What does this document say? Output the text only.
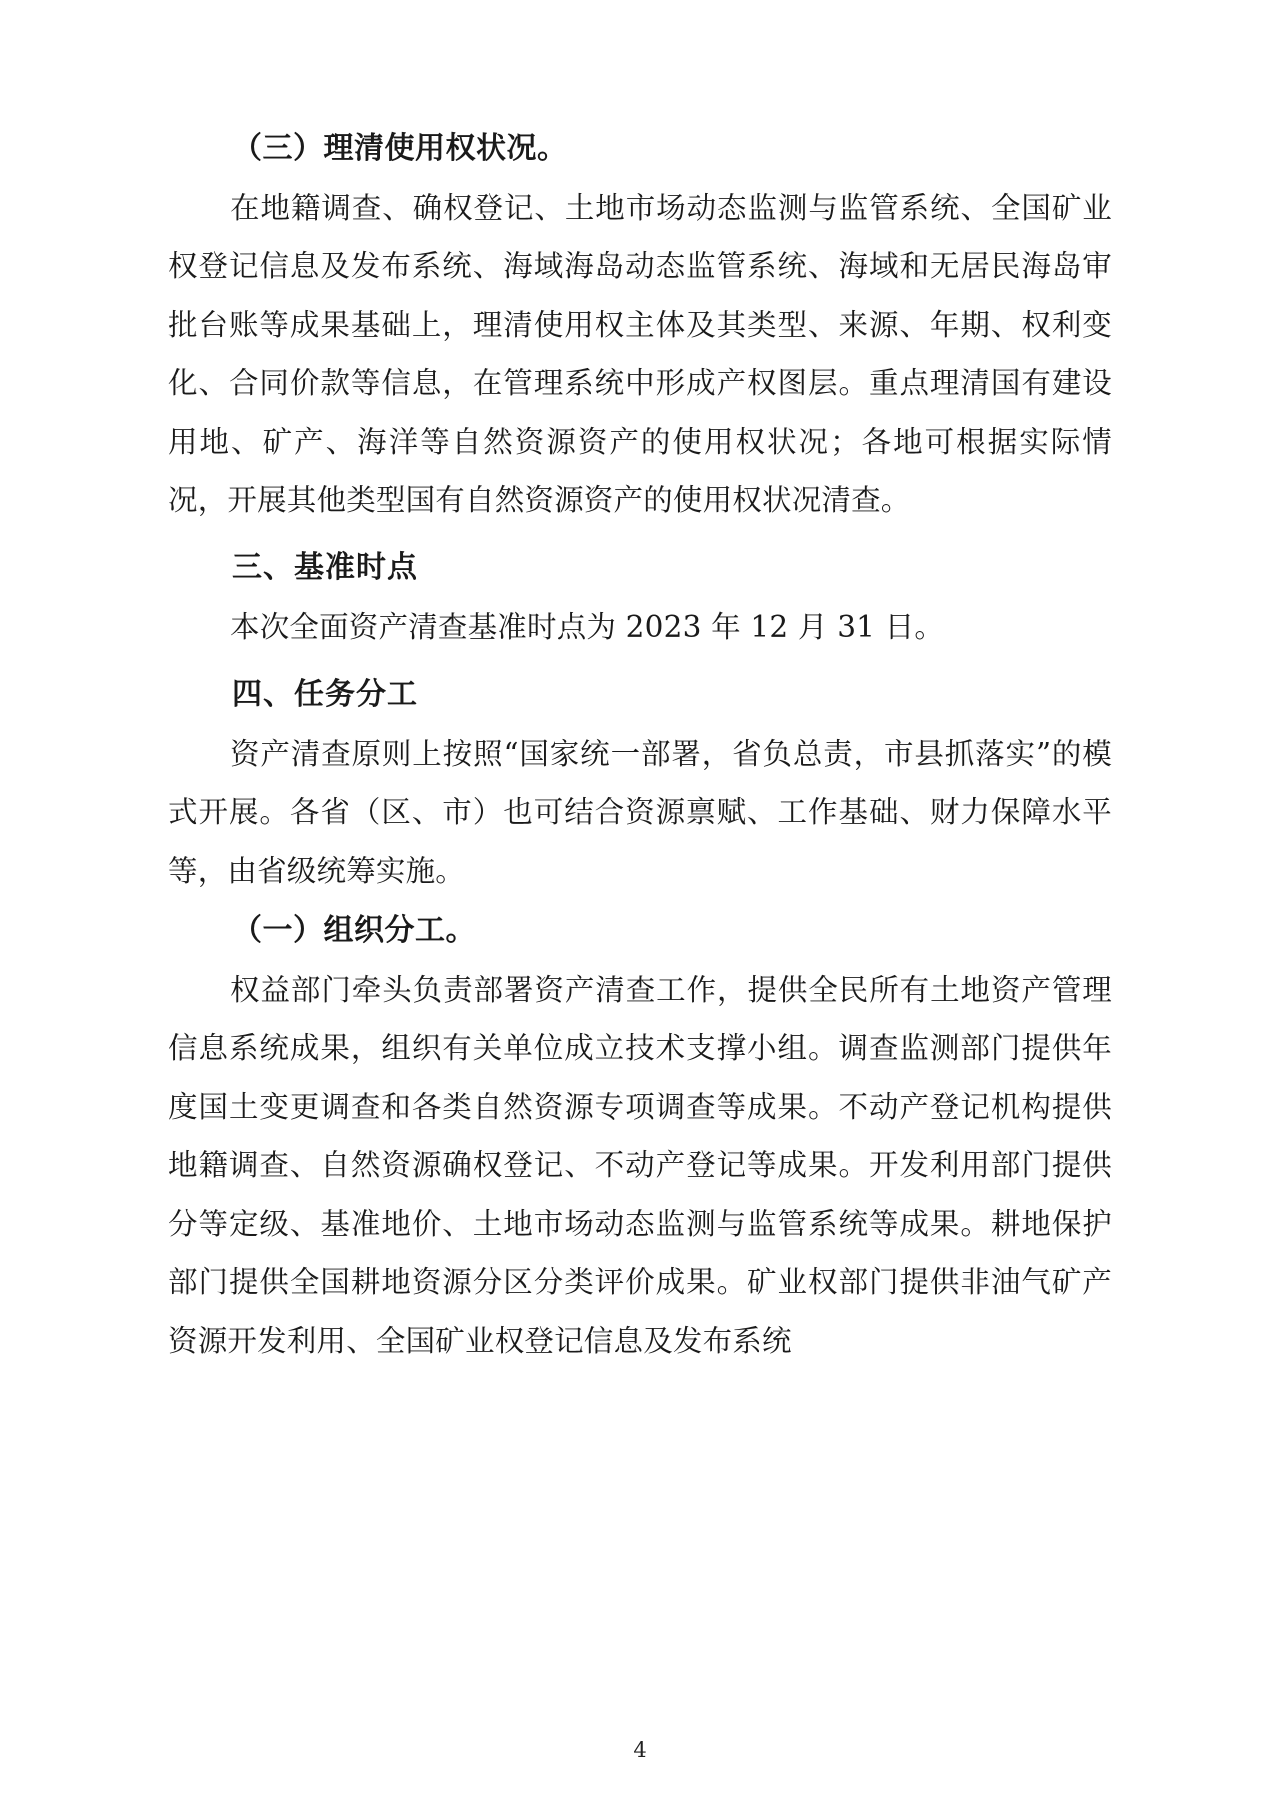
（三）理清使用权状况。

在地籍调查、确权登记、土地市场动态监测与监管系统、全国矿业权登记信息及发布系统、海域海岛动态监管系统、海域和无居民海岛审批台账等成果基础上，理清使用权主体及其类型、来源、年期、权利变化、合同价款等信息，在管理系统中形成产权图层。重点理清国有建设用地、矿产、海洋等自然资源资产的使用权状况；各地可根据实际情况，开展其他类型国有自然资源资产的使用权状况清查。

三、基准时点

本次全面资产清查基准时点为 2023 年 12 月 31 日。

四、任务分工

资产清查原则上按照“国家统一部署，省负总责，市县抓落实”的模式开展。各省（区、市）也可结合资源禀赋、工作基础、财力保障水平等，由省级统筹实施。

（一）组织分工。

权益部门牵头负责部署资产清查工作，提供全民所有土地资产管理信息系统成果，组织有关单位成立技术支撑小组。调查监测部门提供年度国土变更调查和各类自然资源专项调查等成果。不动产登记机构提供地籍调查、自然资源确权登记、不动产登记等成果。开发利用部门提供分等定级、基准地价、土地市场动态监测与监管系统等成果。耕地保护部门提供全国耕地资源分区分类评价成果。矿业权部门提供非油气矿产资源开发利用、全国矿业权登记信息及发布系统

4
